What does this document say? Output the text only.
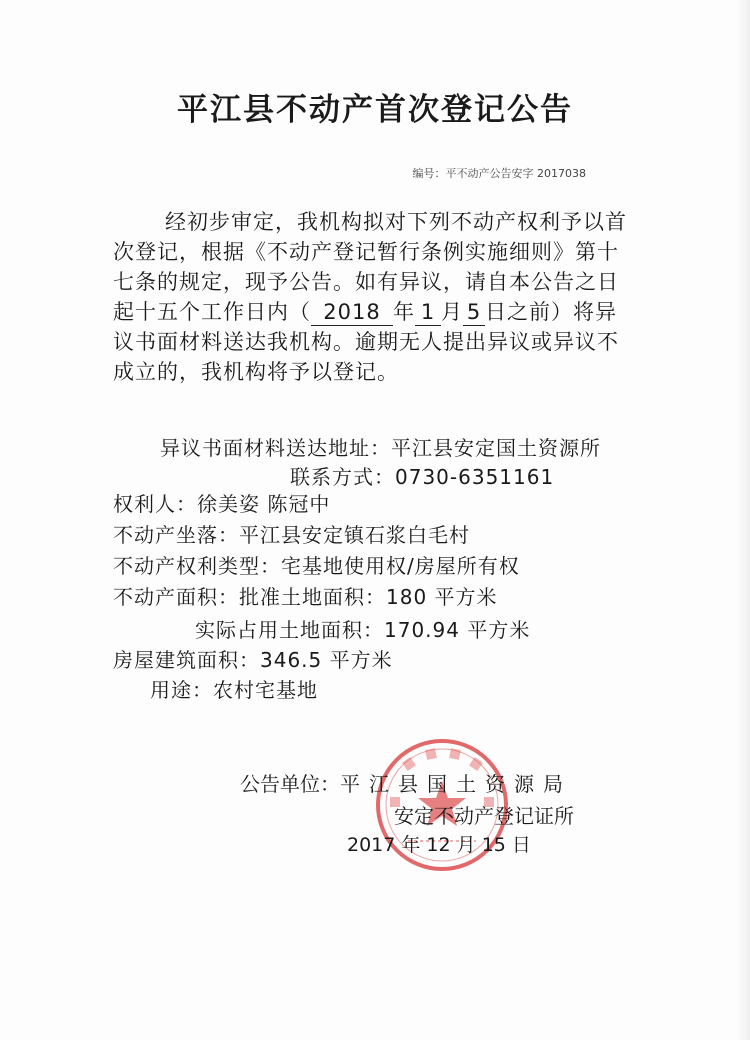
平江县不动产首次登记公告
编号：平不动产公告安字 2017038
经初步审定，我机构拟对下列不动产权利予以首
次登记，根据《不动产登记暂行条例实施细则》第十
七条的规定，现予公告。如有异议，请自本公告之日
起十五个工作日内（ 2018 年 1 月 5 日之前）将异
议书面材料送达我机构。逾期无人提出异议或异议不
成立的，我机构将予以登记。
异议书面材料送达地址：平江县安定国土资源所
联系方式：0730-6351161
权利人：徐美姿 陈冠中
不动产坐落：平江县安定镇石浆白毛村
不动产权利类型：宅基地使用权/房屋所有权
不动产面积：批准土地面积：180 平方米
实际占用土地面积：170.94 平方米
房屋建筑面积：346.5 平方米
用途：农村宅基地
公告单位：平江县国土资源局
安定不动产登记证所
2017 年 12 月 15 日
